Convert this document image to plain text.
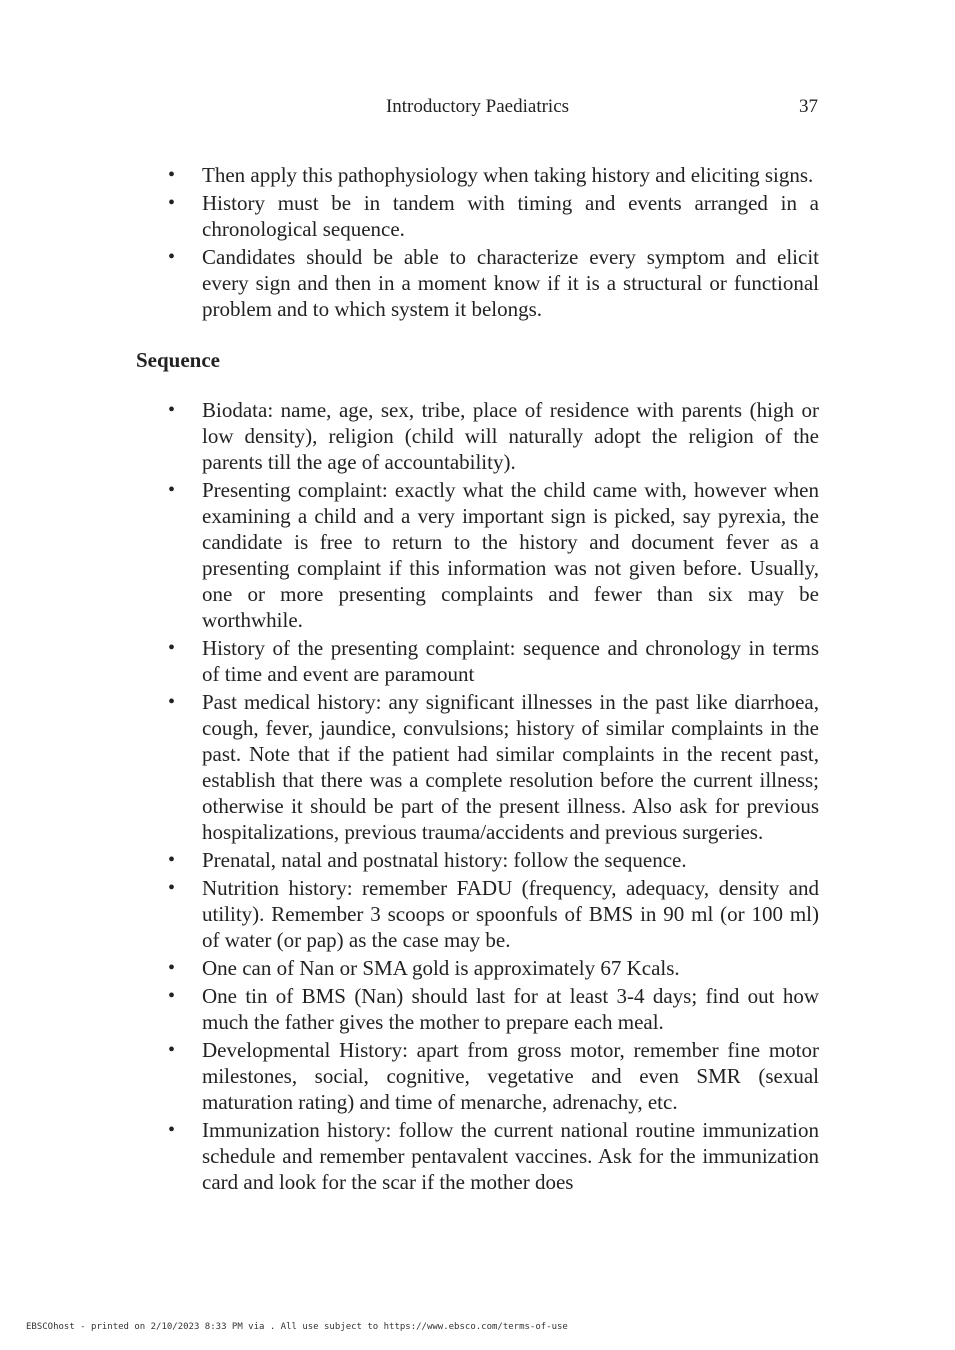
Introductory Paediatrics	37
• Then apply this pathophysiology when taking history and eliciting signs.
• History must be in tandem with timing and events arranged in a chronological sequence.
• Candidates should be able to characterize every symptom and elicit every sign and then in a moment know if it is a structural or functional problem and to which system it belongs.
Sequence
• Biodata: name, age, sex, tribe, place of residence with parents (high or low density), religion (child will naturally adopt the religion of the parents till the age of accountability).
• Presenting complaint: exactly what the child came with, however when examining a child and a very important sign is picked, say pyrexia, the candidate is free to return to the history and document fever as a presenting complaint if this information was not given before. Usually, one or more presenting complaints and fewer than six may be worthwhile.
• History of the presenting complaint: sequence and chronology in terms of time and event are paramount
• Past medical history: any significant illnesses in the past like diarrhoea, cough, fever, jaundice, convulsions; history of similar complaints in the past. Note that if the patient had similar complaints in the recent past, establish that there was a complete resolution before the current illness; otherwise it should be part of the present illness. Also ask for previous hospitalizations, previous trauma/accidents and previous surgeries.
• Prenatal, natal and postnatal history: follow the sequence.
• Nutrition history: remember FADU (frequency, adequacy, density and utility). Remember 3 scoops or spoonfuls of BMS in 90 ml (or 100 ml) of water (or pap) as the case may be.
• One can of Nan or SMA gold is approximately 67 Kcals.
• One tin of BMS (Nan) should last for at least 3-4 days; find out how much the father gives the mother to prepare each meal.
• Developmental History: apart from gross motor, remember fine motor milestones, social, cognitive, vegetative and even SMR (sexual maturation rating) and time of menarche, adrenachy, etc.
• Immunization history: follow the current national routine immunization schedule and remember pentavalent vaccines. Ask for the immunization card and look for the scar if the mother does
EBSCOhost - printed on 2/10/2023 8:33 PM via . All use subject to https://www.ebsco.com/terms-of-use
